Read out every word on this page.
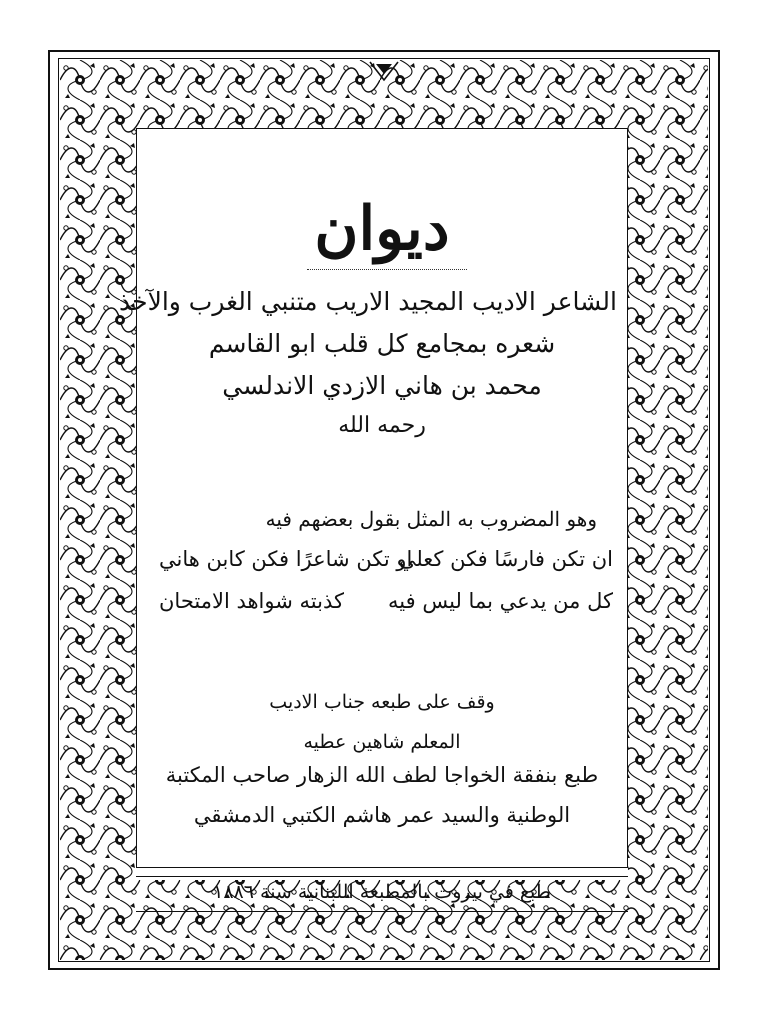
ديوان
الشاعر الاديب المجيد الاريب متنبي الغرب والآخذ
شعره بمجامع كل قلب ابو القاسم
محمد بن هاني الازدي الاندلسي
رحمه الله
وهو المضروب به المثل بقول بعضهم فيه
ان تكن فارسًا فكن كعلي
او تكن شاعرًا فكن كابن هاني
كل من يدعي بما ليس فيه
كذبته شواهد الامتحان
وقف على طبعه جناب الاديب
المعلم شاهين عطيه
طبع بنفقة الخواجا لطف الله الزهار صاحب المكتبة
الوطنية والسيد عمر هاشم الكتبي الدمشقي
طبع في بيروت بالمطبعة اللبنانية سنة ١٨٨٦
